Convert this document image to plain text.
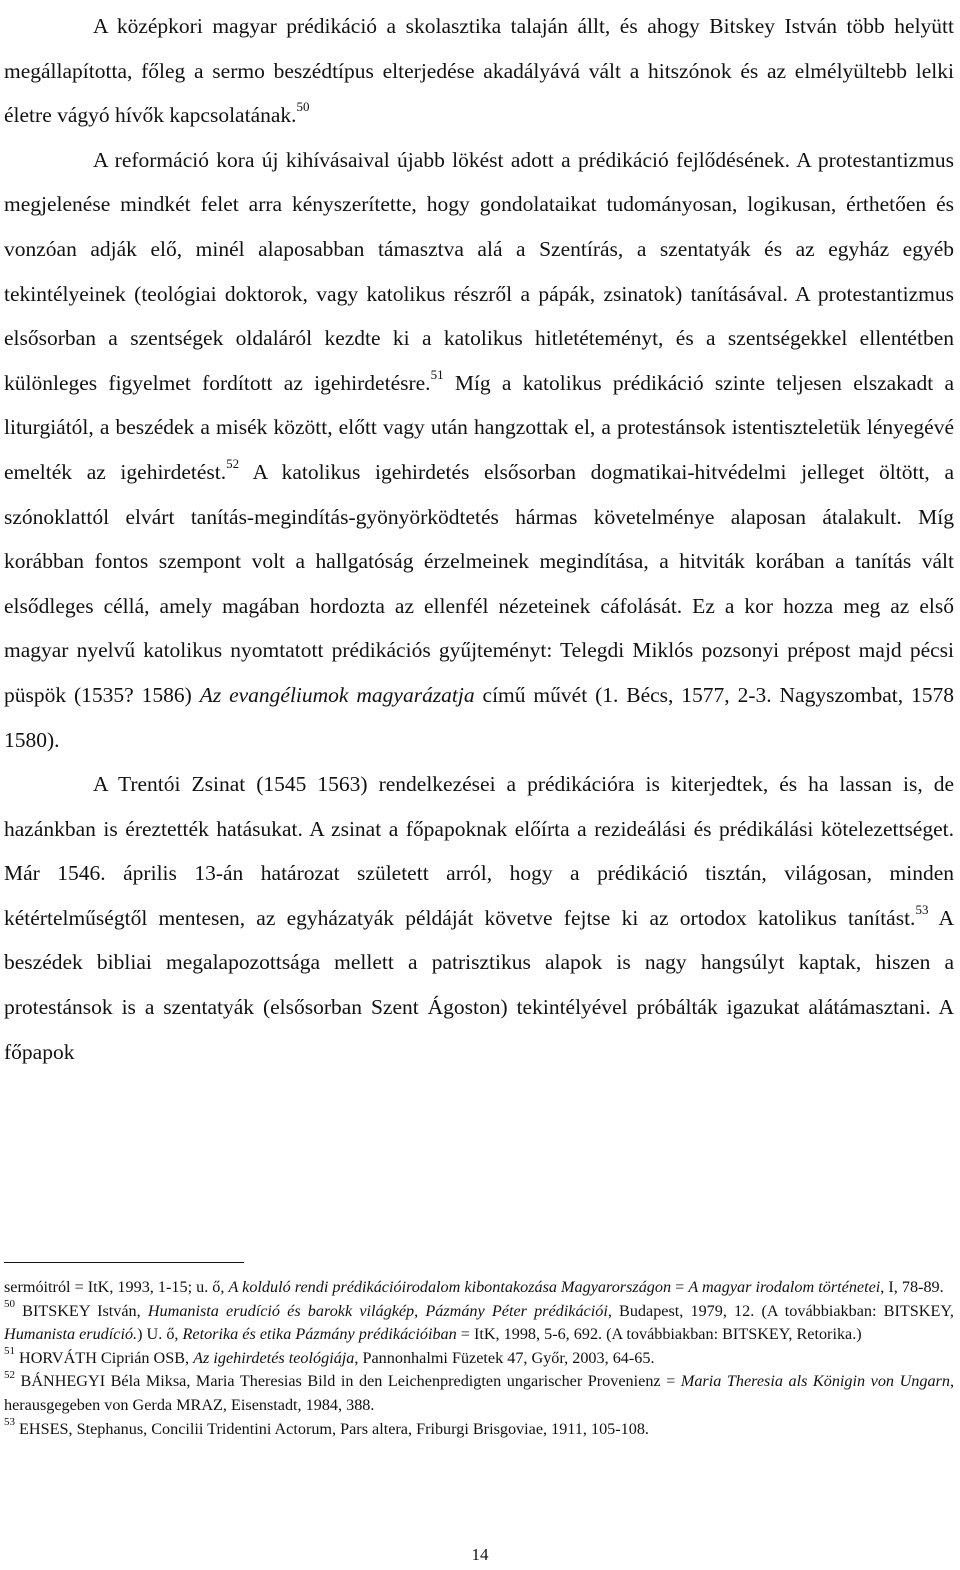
A középkori magyar prédikáció a skolasztika talaján állt, és ahogy Bitskey István több helyütt megállapította, főleg a sermo beszédtípus elterjedése akadályává vált a hitszónok és az elmélyültebb lelki életre vágyó hívők kapcsolatának.$^{50}$

A reformáció kora új kihívásaival újabb lökést adott a prédikáció fejlődésének. A protestantizmus megjelenése mindkét felet arra kényszerítette, hogy gondolataikat tudományosan, logikusan, érthetően és vonzóan adják elő, minél alaposabban támasztva alá a Szentírás, a szentatyák és az egyház egyéb tekintélyeinek (teológiai doktorok, vagy katolikus részről a pápák, zsinatok) tanításával. A protestantizmus elsősorban a szentségek oldaláról kezdte ki a katolikus hitletéteményt, és a szentségekkel ellentétben különleges figyelmet fordított az igehirdetésre.$^{51}$ Míg a katolikus prédikáció szinte teljesen elszakadt a liturgiától, a beszédek a misék között, előtt vagy után hangzottak el, a protestánsok istentiszteletük lényegévé emelték az igehirdetést.$^{52}$ A katolikus igehirdetés elsősorban dogmatikai-hitvédelmi jelleget öltött, a szónoklattól elvárt tanítás-megindítás-gyönyörködtetés hármas követelménye alaposan átalakult. Míg korábban fontos szempont volt a hallgatóság érzelmeinek megindítása, a hitviták korában a tanítás vált elsődleges céllá, amely magában hordozta az ellenfél nézeteinek cáfolását. Ez a kor hozza meg az első magyar nyelvű katolikus nyomtatott prédikációs gyűjteményt: Telegdi Miklós pozsonyi prépost majd pécsi püspök (1535? 1586) Az evangéliumok magyarázatja című művét (1. Bécs, 1577, 2-3. Nagyszombat, 1578 1580).

A Trentói Zsinat (1545 1563) rendelkezései a prédikációra is kiterjedtek, és ha lassan is, de hazánkban is éreztették hatásukat. A zsinat a főpapoknak előírta a rezideálási és prédikálási kötelezettséget. Már 1546. április 13-án határozat született arról, hogy a prédikáció tisztán, világosan, minden kétértelműségtől mentesen, az egyházatyák példáját követve fejtse ki az ortodox katolikus tanítást.$^{53}$ A beszédek bibliai megalapozottsága mellett a patrisztikus alapok is nagy hangsúlyt kaptak, hiszen a protestánsok is a szentatyák (elsősorban Szent Ágoston) tekintélyével próbálták igazukat alátámasztani. A főpapok

sermóitról = ItK, 1993, 1-15; u. ő, A kolduló rendi prédikációirodalom kibontakozása Magyarországon = A magyar irodalom történetei, I, 78-89.

$^{50}$ BITSKEY István, Humanista erudíció és barokk világkép, Pázmány Péter prédikációi, Budapest, 1979, 12. (A továbbiakban: BITSKEY, Humanista erudíció.) U. ő, Retorika és etika Pázmány prédikációiban = ItK, 1998, 5-6, 692. (A továbbiakban: BITSKEY, Retorika.)

$^{51}$ HORVÁTH Ciprián OSB, Az igehirdetés teológiája, Pannonhalmi Füzetek 47, Győr, 2003, 64-65.

$^{52}$ BÁNHEGYI Béla Miksa, Maria Theresias Bild in den Leichenpredigten ungarischer Provenienz = Maria Theresia als Königin von Ungarn, herausgegeben von Gerda MRAZ, Eisenstadt, 1984, 388.

$^{53}$ EHSES, Stephanus, Concilii Tridentini Actorum, Pars altera, Friburgi Brisgoviae, 1911, 105-108.

14
